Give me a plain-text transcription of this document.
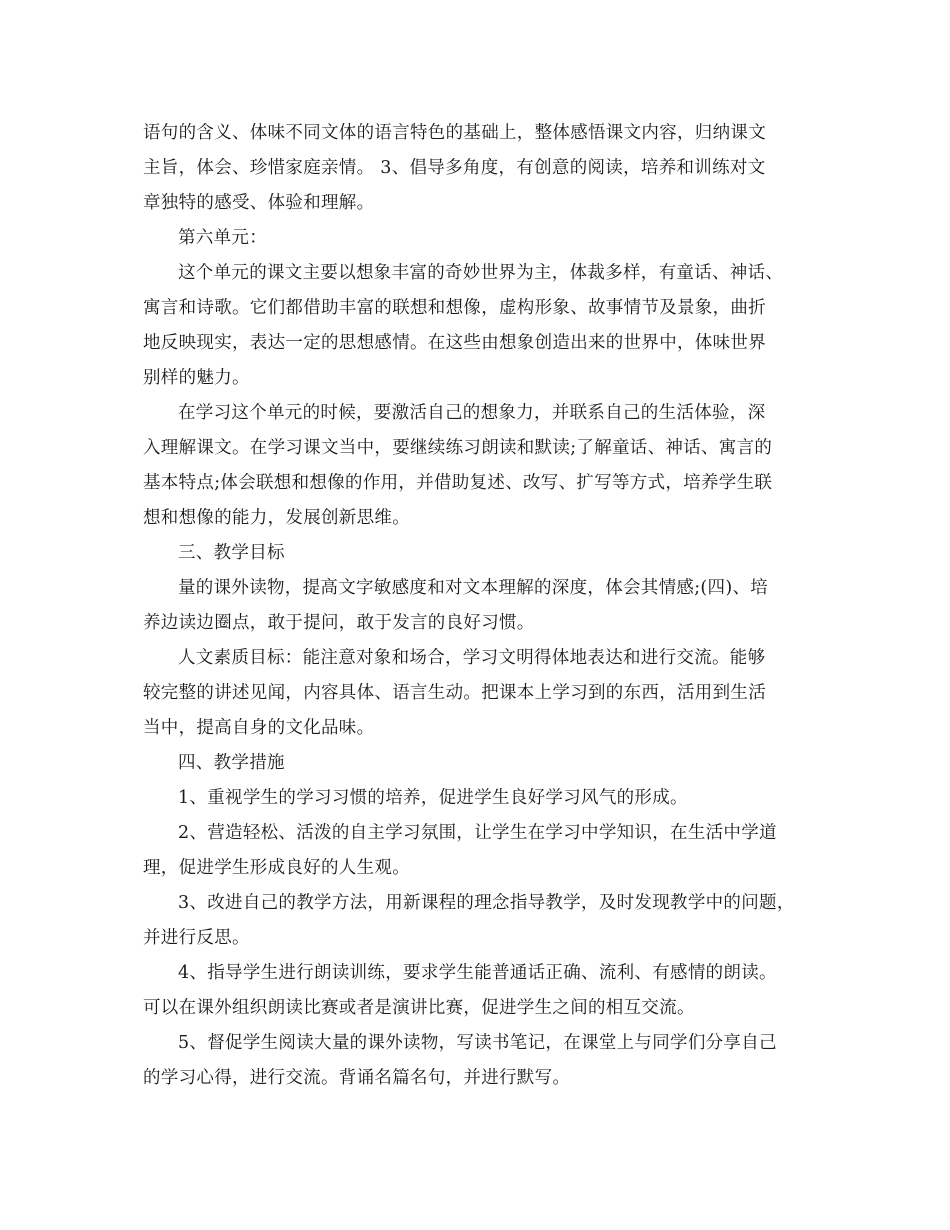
语句的含义、体味不同文体的语言特色的基础上，整体感悟课文内容，归纳课文
主旨，体会、珍惜家庭亲情。 3、倡导多角度，有创意的阅读，培养和训练对文
章独特的感受、体验和理解。
第六单元：
这个单元的课文主要以想象丰富的奇妙世界为主，体裁多样，有童话、神话、
寓言和诗歌。它们都借助丰富的联想和想像，虚构形象、故事情节及景象，曲折
地反映现实，表达一定的思想感情。在这些由想象创造出来的世界中，体味世界
别样的魅力。
在学习这个单元的时候，要激活自己的想象力，并联系自己的生活体验，深
入理解课文。在学习课文当中，要继续练习朗读和默读;了解童话、神话、寓言的
基本特点;体会联想和想像的作用，并借助复述、改写、扩写等方式，培养学生联
想和想像的能力，发展创新思维。
三、教学目标
量的课外读物，提高文字敏感度和对文本理解的深度，体会其情感;(四)、培
养边读边圈点，敢于提问，敢于发言的良好习惯。
人文素质目标：能注意对象和场合，学习文明得体地表达和进行交流。能够
较完整的讲述见闻，内容具体、语言生动。把课本上学习到的东西，活用到生活
当中，提高自身的文化品味。
四、教学措施
1、重视学生的学习习惯的培养，促进学生良好学习风气的形成。
2、营造轻松、活泼的自主学习氛围，让学生在学习中学知识，在生活中学道
理，促进学生形成良好的人生观。
3、改进自己的教学方法，用新课程的理念指导教学，及时发现教学中的问题，
并进行反思。
4、指导学生进行朗读训练，要求学生能普通话正确、流利、有感情的朗读。
可以在课外组织朗读比赛或者是演讲比赛，促进学生之间的相互交流。
5、督促学生阅读大量的课外读物，写读书笔记，在课堂上与同学们分享自己
的学习心得，进行交流。背诵名篇名句，并进行默写。
